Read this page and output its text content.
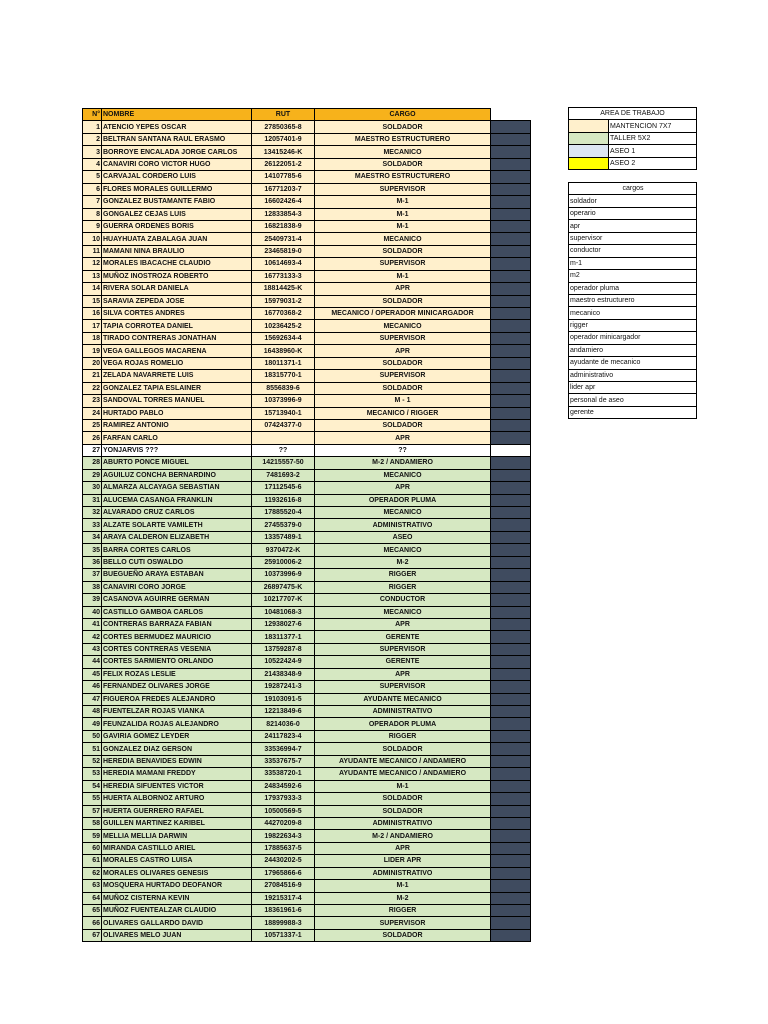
N°	NOMBRE	RUT	CARGO	
1	ATENCIO YEPES OSCAR	27850365-8	SOLDADOR	
2	BELTRAN SANTANA RAUL ERASMO	12057401-9	MAESTRO ESTRUCTURERO	
3	BORROYE ENCALADA JORGE CARLOS	13415246-K	MECANICO	
4	CANAVIRI CORO VICTOR HUGO	26122051-2	SOLDADOR	
5	CARVAJAL CORDERO LUIS	14107785-6	MAESTRO ESTRUCTURERO	
6	FLORES MORALES GUILLERMO	16771203-7	SUPERVISOR	
7	GONZALEZ BUSTAMANTE FABIO	16602426-4	M-1	
8	GONGALEZ CEJAS LUIS	12833854-3	M-1	
9	GUERRA ORDENES BORIS	16821838-9	M-1	
10	HUAYHUATA ZABALAGA JUAN	25409731-4	MECANICO	
11	MAMANI NINA BRAULIO	23465819-0	SOLDADOR	
12	MORALES IBACACHE CLAUDIO	10614693-4	SUPERVISOR	
13	MUÑOZ INOSTROZA ROBERTO	16773133-3	M-1	
14	RIVERA SOLAR DANIELA	18814425-K	APR	
15	SARAVIA ZEPEDA JOSE	15979031-2	SOLDADOR	
16	SILVA CORTES ANDRES	16770368-2	MECANICO / OPERADOR MINICARGADOR	
17	TAPIA CORROTEA DANIEL	10236425-2	MECANICO	
18	TIRADO CONTRERAS JONATHAN	15692634-4	SUPERVISOR	
19	VEGA GALLEGOS MACARENA	16438960-K	APR	
20	VEGA ROJAS ROMELIO	18011371-1	SOLDADOR	
21	ZELADA NAVARRETE LUIS	18315770-1	SUPERVISOR	
22	GONZALEZ TAPIA ESLAINER	8556839-6	SOLDADOR	
23	SANDOVAL TORRES MANUEL	10373996-9	M - 1	
24	HURTADO PABLO	15713940-1	MECANICO / RIGGER	
25	RAMIREZ ANTONIO	07424377-0	SOLDADOR	
26	FARFAN CARLO		APR	
27	YONJARVIS ???	??	??	
28	ABURTO PONCE MIGUEL	14215557-50	M-2 / ANDAMIERO	
29	AGUILUZ CONCHA BERNARDINO	7481693-2	MECANICO	
30	ALMARZA ALCAYAGA SEBASTIAN	17112545-6	APR	
31	ALUCEMA CASANGA FRANKLIN	11932616-8	OPERADOR PLUMA	
32	ALVARADO CRUZ CARLOS	17885520-4	MECANICO	
33	ALZATE SOLARTE VAMILETH	27455379-0	ADMINISTRATIVO	
34	ARAYA CALDERON ELIZABETH	13357489-1	ASEO	
35	BARRA CORTES CARLOS	9370472-K	MECANICO	
36	BELLO CUTI OSWALDO	25910006-2	M-2	
37	BUEGUEÑO ARAYA ESTABAN	10373996-9	RIGGER	
38	CANAVIRI CORO JORGE	26897475-K	RIGGER	
39	CASANOVA AGUIRRE GERMAN	10217707-K	CONDUCTOR	
40	CASTILLO GAMBOA CARLOS	10481068-3	MECANICO	
41	CONTRERAS BARRAZA FABIAN	12938027-6	APR	
42	CORTES BERMUDEZ MAURICIO	18311377-1	GERENTE	
43	CORTES CONTRERAS VESENIA	13759287-8	SUPERVISOR	
44	CORTES SARMIENTO ORLANDO	10522424-9	GERENTE	
45	FELIX ROZAS LESLIE	21438348-9	APR	
46	FERNANDEZ OLIVARES JORGE	19287241-3	SUPERVISOR	
47	FIGUEROA FREDES ALEJANDRO	19103091-5	AYUDANTE MECANICO	
48	FUENTELZAR ROJAS VIANKA	12213849-6	ADMINISTRATIVO	
49	FEUNZALIDA ROJAS ALEJANDRO	8214036-0	OPERADOR PLUMA	
50	GAVIRIA GOMEZ LEYDER	24117823-4	RIGGER	
51	GONZALEZ DIAZ GERSON	33536994-7	SOLDADOR	
52	HEREDIA BENAVIDES EDWIN	33537675-7	AYUDANTE MECANICO / ANDAMIERO	
53	HEREDIA MAMANI FREDDY	33538720-1	AYUDANTE MECANICO / ANDAMIERO	
54	HEREDIA SIFUENTES VICTOR	24834592-6	M-1	
55	HUERTA ALBORNOZ ARTURO	17937933-3	SOLDADOR	
57	HUERTA GUERRERO RAFAEL	10500569-5	SOLDADOR	
58	GUILLEN MARTINEZ KARIBEL	44270209-8	ADMINISTRATIVO	
59	MELLIA MELLIA DARWIN	19822634-3	M-2 / ANDAMIERO	
60	MIRANDA CASTILLO ARIEL	17885637-5	APR	
61	MORALES CASTRO LUISA	24430202-5	LIDER APR	
62	MORALES OLIVARES GENESIS	17965866-6	ADMINISTRATIVO	
63	MOSQUERA HURTADO DEOFANOR	27084516-9	M-1	
64	MUÑOZ CISTERNA KEVIN	19215317-4	M-2	
65	MUÑOZ FUENTEALZAR CLAUDIO	18361961-6	RIGGER	
66	OLIVARES GALLARDO DAVID	18899988-3	SUPERVISOR	
67	OLIVARES MELO JUAN	10571337-1	SOLDADOR	
AREA DE TRABAJO	
	MANTENCION 7X7
	TALLER 5X2
	ASEO 1
	ASEO 2
cargos
soldador
operario
apr
supervisor
conductor
m-1
m2
operador pluma
maestro estructurero
mecanico
rigger
operador minicargador
andamiero
ayudante de mecanico
administrativo
lider apr
personal de aseo
gerente
